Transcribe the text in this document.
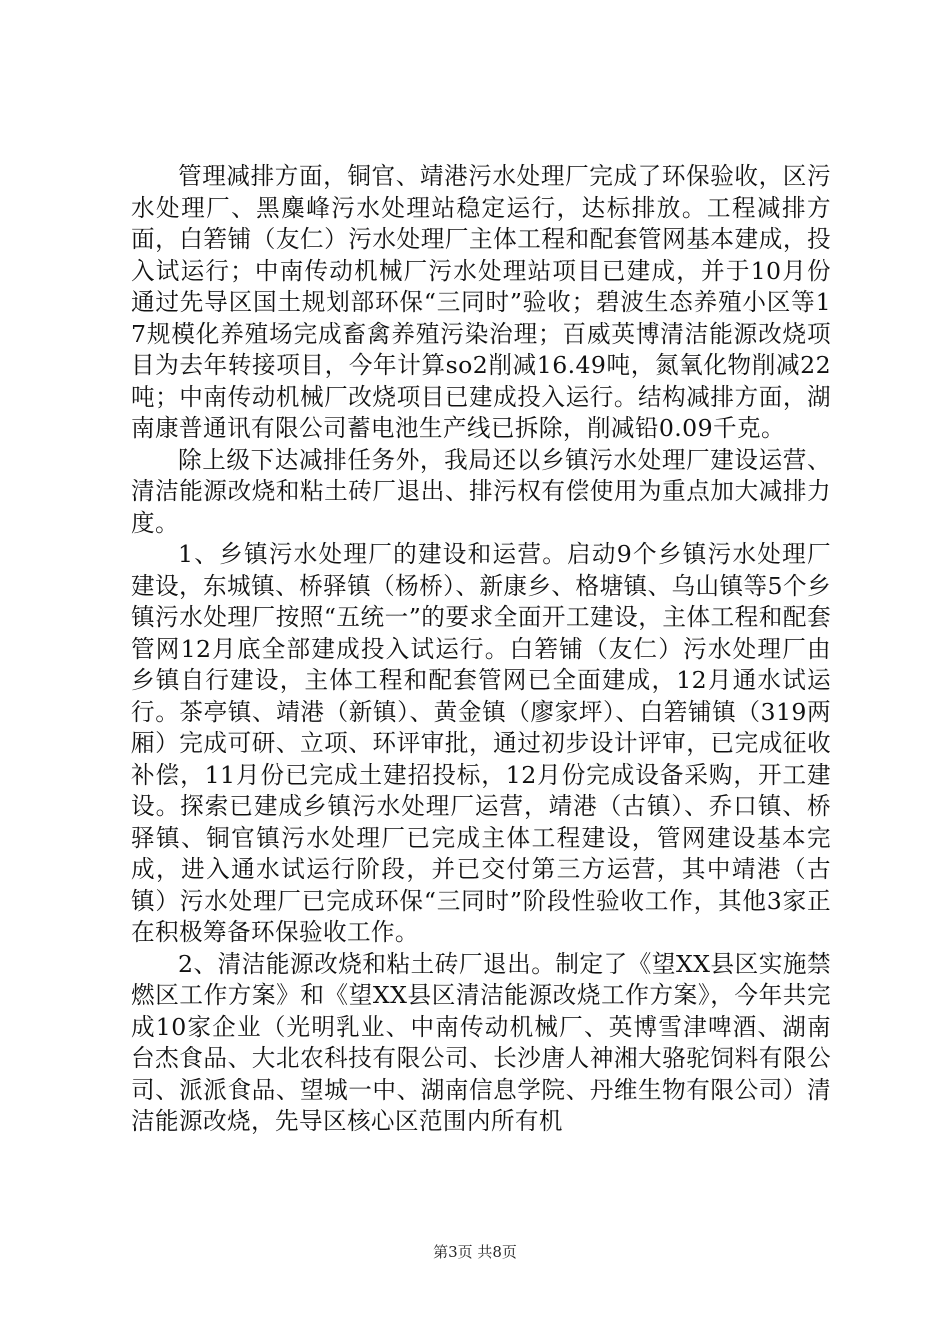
管理减排方面，铜官、靖港污水处理厂完成了环保验收，区污水处理厂、黑麋峰污水处理站稳定运行，达标排放。工程减排方面，白箬铺（友仁）污水处理厂主体工程和配套管网基本建成，投入试运行；中南传动机械厂污水处理站项目已建成，并于10月份通过先导区国土规划部环保“三同时”验收；碧波生态养殖小区等17规模化养殖场完成畜禽养殖污染治理；百威英博清洁能源改烧项目为去年转接项目，今年计算so2削减16.49吨，氮氧化物削减22吨；中南传动机械厂改烧项目已建成投入运行。结构减排方面，湖南康普通讯有限公司蓄电池生产线已拆除，削减铅0.09千克。

除上级下达减排任务外，我局还以乡镇污水处理厂建设运营、清洁能源改烧和粘土砖厂退出、排污权有偿使用为重点加大减排力度。

1、乡镇污水处理厂的建设和运营。启动9个乡镇污水处理厂建设，东城镇、桥驿镇（杨桥）、新康乡、格塘镇、乌山镇等5个乡镇污水处理厂按照“五统一”的要求全面开工建设，主体工程和配套管网12月底全部建成投入试运行。白箬铺（友仁）污水处理厂由乡镇自行建设，主体工程和配套管网已全面建成，12月通水试运行。茶亭镇、靖港（新镇）、黄金镇（廖家坪）、白箬铺镇（319两厢）完成可研、立项、环评审批，通过初步设计评审，已完成征收补偿，11月份已完成土建招投标，12月份完成设备采购，开工建设。探索已建成乡镇污水处理厂运营，靖港（古镇）、乔口镇、桥驿镇、铜官镇污水处理厂已完成主体工程建设，管网建设基本完成，进入通水试运行阶段，并已交付第三方运营，其中靖港（古镇）污水处理厂已完成环保“三同时”阶段性验收工作，其他3家正在积极筹备环保验收工作。

2、清洁能源改烧和粘土砖厂退出。制定了《望XX县区实施禁燃区工作方案》和《望XX县区清洁能源改烧工作方案》，今年共完成10家企业（光明乳业、中南传动机械厂、英博雪津啤酒、湖南台杰食品、大北农科技有限公司、长沙唐人神湘大骆驼饲料有限公司、派派食品、望城一中、湖南信息学院、丹维生物有限公司）清洁能源改烧，先导区核心区范围内所有机

第3页 共8页
